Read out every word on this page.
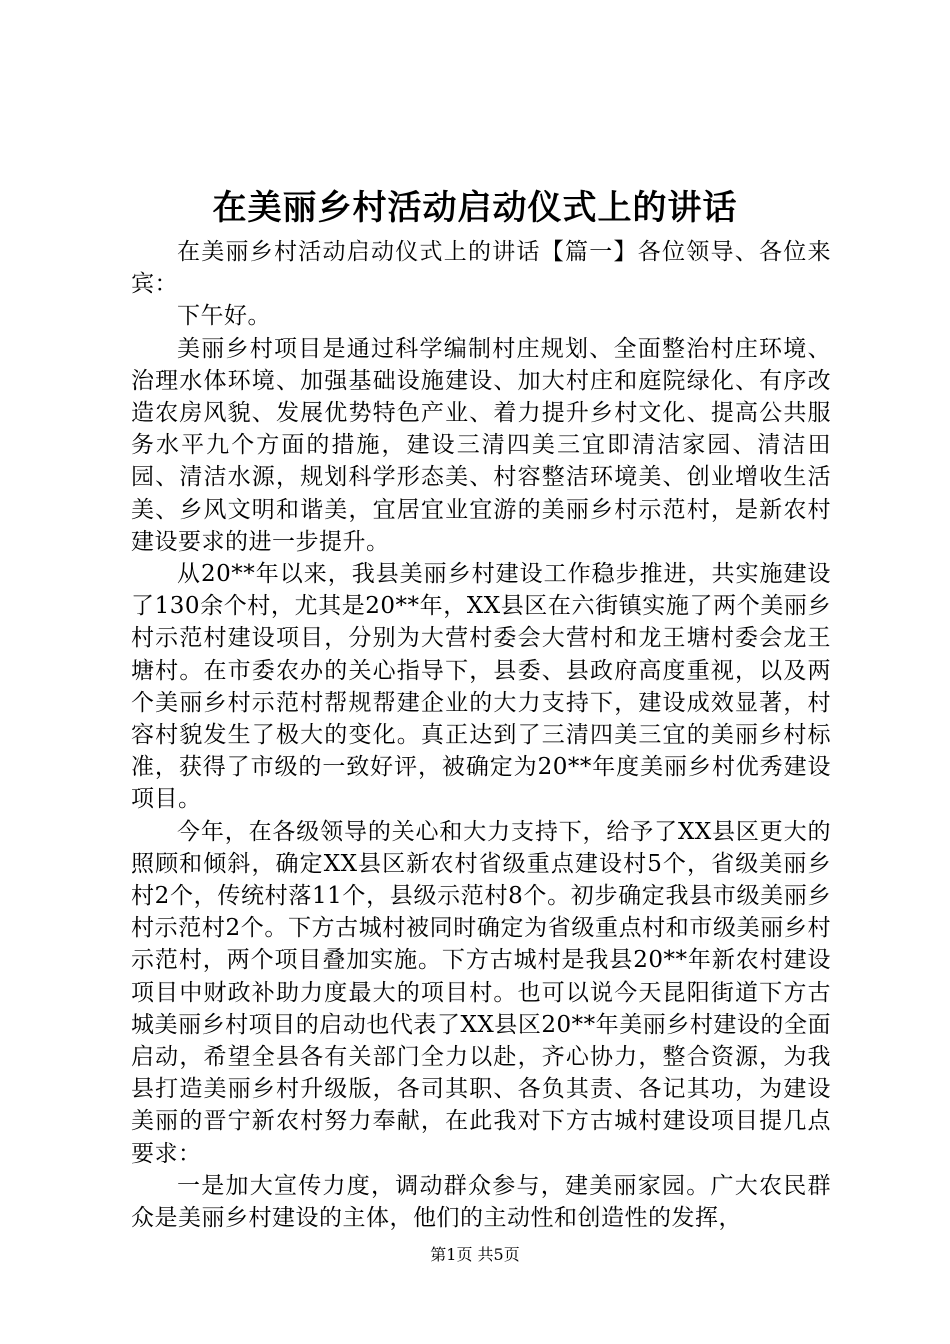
在美丽乡村活动启动仪式上的讲话

在美丽乡村活动启动仪式上的讲话【篇一】各位领导、各位来宾：

下午好。

美丽乡村项目是通过科学编制村庄规划、全面整治村庄环境、治理水体环境、加强基础设施建设、加大村庄和庭院绿化、有序改造农房风貌、发展优势特色产业、着力提升乡村文化、提高公共服务水平九个方面的措施，建设三清四美三宜即清洁家园、清洁田园、清洁水源，规划科学形态美、村容整洁环境美、创业增收生活美、乡风文明和谐美，宜居宜业宜游的美丽乡村示范村，是新农村建设要求的进一步提升。

从20**年以来，我县美丽乡村建设工作稳步推进，共实施建设了130余个村，尤其是20**年，XX县区在六街镇实施了两个美丽乡村示范村建设项目，分别为大营村委会大营村和龙王塘村委会龙王塘村。在市委农办的关心指导下，县委、县政府高度重视，以及两个美丽乡村示范村帮规帮建企业的大力支持下，建设成效显著，村容村貌发生了极大的变化。真正达到了三清四美三宜的美丽乡村标准，获得了市级的一致好评，被确定为20**年度美丽乡村优秀建设项目。

今年，在各级领导的关心和大力支持下，给予了XX县区更大的照顾和倾斜，确定XX县区新农村省级重点建设村5个，省级美丽乡村2个，传统村落11个，县级示范村8个。初步确定我县市级美丽乡村示范村2个。下方古城村被同时确定为省级重点村和市级美丽乡村示范村，两个项目叠加实施。下方古城村是我县20**年新农村建设项目中财政补助力度最大的项目村。也可以说今天昆阳街道下方古城美丽乡村项目的启动也代表了XX县区20**年美丽乡村建设的全面启动，希望全县各有关部门全力以赴，齐心协力，整合资源，为我县打造美丽乡村升级版，各司其职、各负其责、各记其功，为建设美丽的晋宁新农村努力奉献，在此我对下方古城村建设项目提几点要求：

一是加大宣传力度，调动群众参与，建美丽家园。广大农民群众是美丽乡村建设的主体，他们的主动性和创造性的发挥，

第1页 共5页
